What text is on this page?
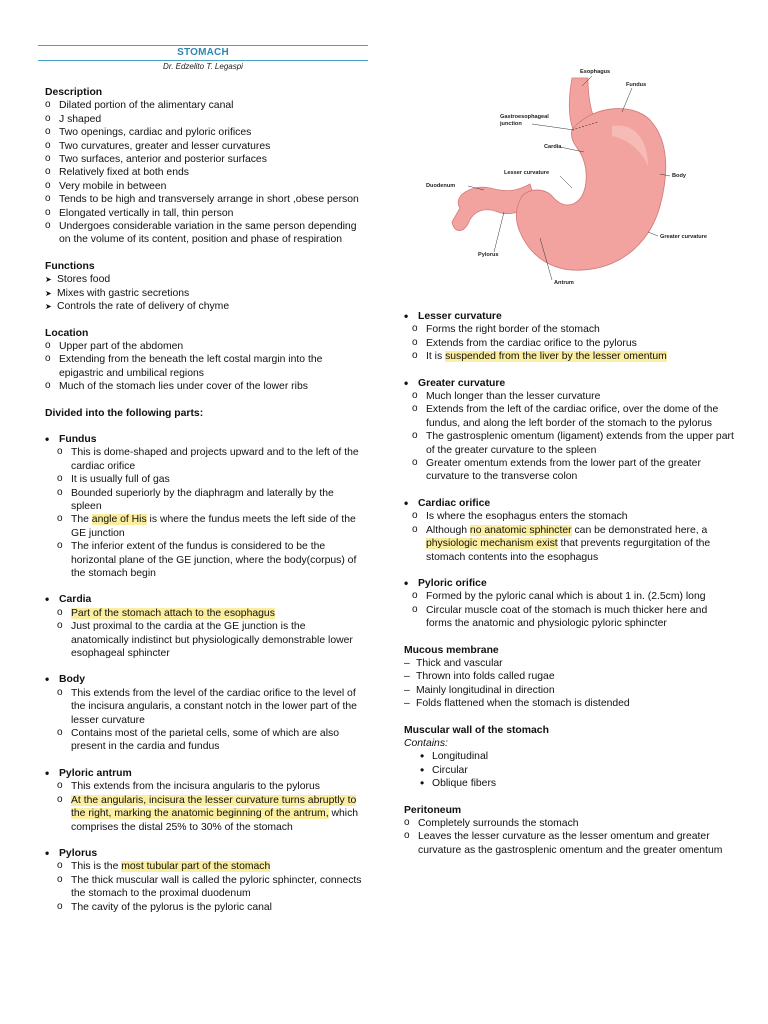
STOMACH
Dr. Edzelito T. Legaspi
Description
o Dilated portion of the alimentary canal
o J shaped
o Two openings, cardiac and pyloric orifices
o Two curvatures, greater and lesser curvatures
o Two surfaces, anterior and posterior surfaces
o Relatively fixed at both ends
o Very mobile in between
o Tends to be high and transversely arrange in short ,obese person
o Elongated vertically in tall, thin person
o Undergoes considerable variation in the same person depending on the volume of its content, position and phase of respiration
Functions
➤ Stores food
➤ Mixes with gastric secretions
➤ Controls the rate of delivery of chyme
Location
o Upper part of the abdomen
o Extending from the beneath the left costal margin into the epigastric and umbilical regions
o Much of the stomach lies under cover of the lower ribs
Divided into the following parts:
• Fundus
o This is dome-shaped and projects upward and to the left of the cardiac orifice
o It is usually full of gas
o Bounded superiorly by the diaphragm and laterally by the spleen
o The angle of His is where the fundus meets the left side of the GE junction
o The inferior extent of the fundus is considered to be the horizontal plane of the GE junction, where the body(corpus) of the stomach begin
• Cardia
o Part of the stomach attach to the esophagus
o Just proximal to the cardia at the GE junction is the anatomically indistinct but physiologically demonstrable lower esophageal sphincter
• Body
o This extends from the level of the cardiac orifice to the level of the incisura angularis, a constant notch in the lower part of the lesser curvature
o Contains most of the parietal cells, some of which are also present in the cardia and fundus
• Pyloric antrum
o This extends from the incisura angularis to the pylorus
o At the angularis, incisura the lesser curvature turns abruptly to the right, marking the anatomic beginning of the antrum, which comprises the distal 25% to 30% of the stomach
• Pylorus
o This is the most tubular part of the stomach
o The thick muscular wall is called the pyloric sphincter, connects the stomach to the proximal duodenum
o The cavity of the pylorus is the pyloric canal
Esophagus
Fundus
Gastroesophageal
junction
Cardia
Lesser curvature	Body
Duodenum
Greater curvature
Pylorus
Antrum
• Lesser curvature
o Forms the right border of the stomach
o Extends from the cardiac orifice to the pylorus
o It is suspended from the liver by the lesser omentum
• Greater curvature
o Much longer than the lesser curvature
o Extends from the left of the cardiac orifice, over the dome of the fundus, and along the left border of the stomach to the pylorus
o The gastrosplenic omentum (ligament) extends from the upper part of the greater curvature to the spleen
o Greater omentum extends from the lower part of the greater curvature to the transverse colon
• Cardiac orifice
o Is where the esophagus enters the stomach
o Although no anatomic sphincter can be demonstrated here, a physiologic mechanism exist that prevents regurgitation of the stomach contents into the esophagus
• Pyloric orifice
o Formed by the pyloric canal which is about 1 in. (2.5cm) long
o Circular muscle coat of the stomach is much thicker here and forms the anatomic and physiologic pyloric sphincter
Mucous membrane
– Thick and vascular
– Thrown into folds called rugae
– Mainly longitudinal in direction
– Folds flattened when the stomach is distended
Muscular wall of the stomach
Contains:
• Longitudinal
• Circular
• Oblique fibers
Peritoneum
o Completely surrounds the stomach
o Leaves the lesser curvature as the lesser omentum and greater curvature as the gastrosplenic omentum and the greater omentum
